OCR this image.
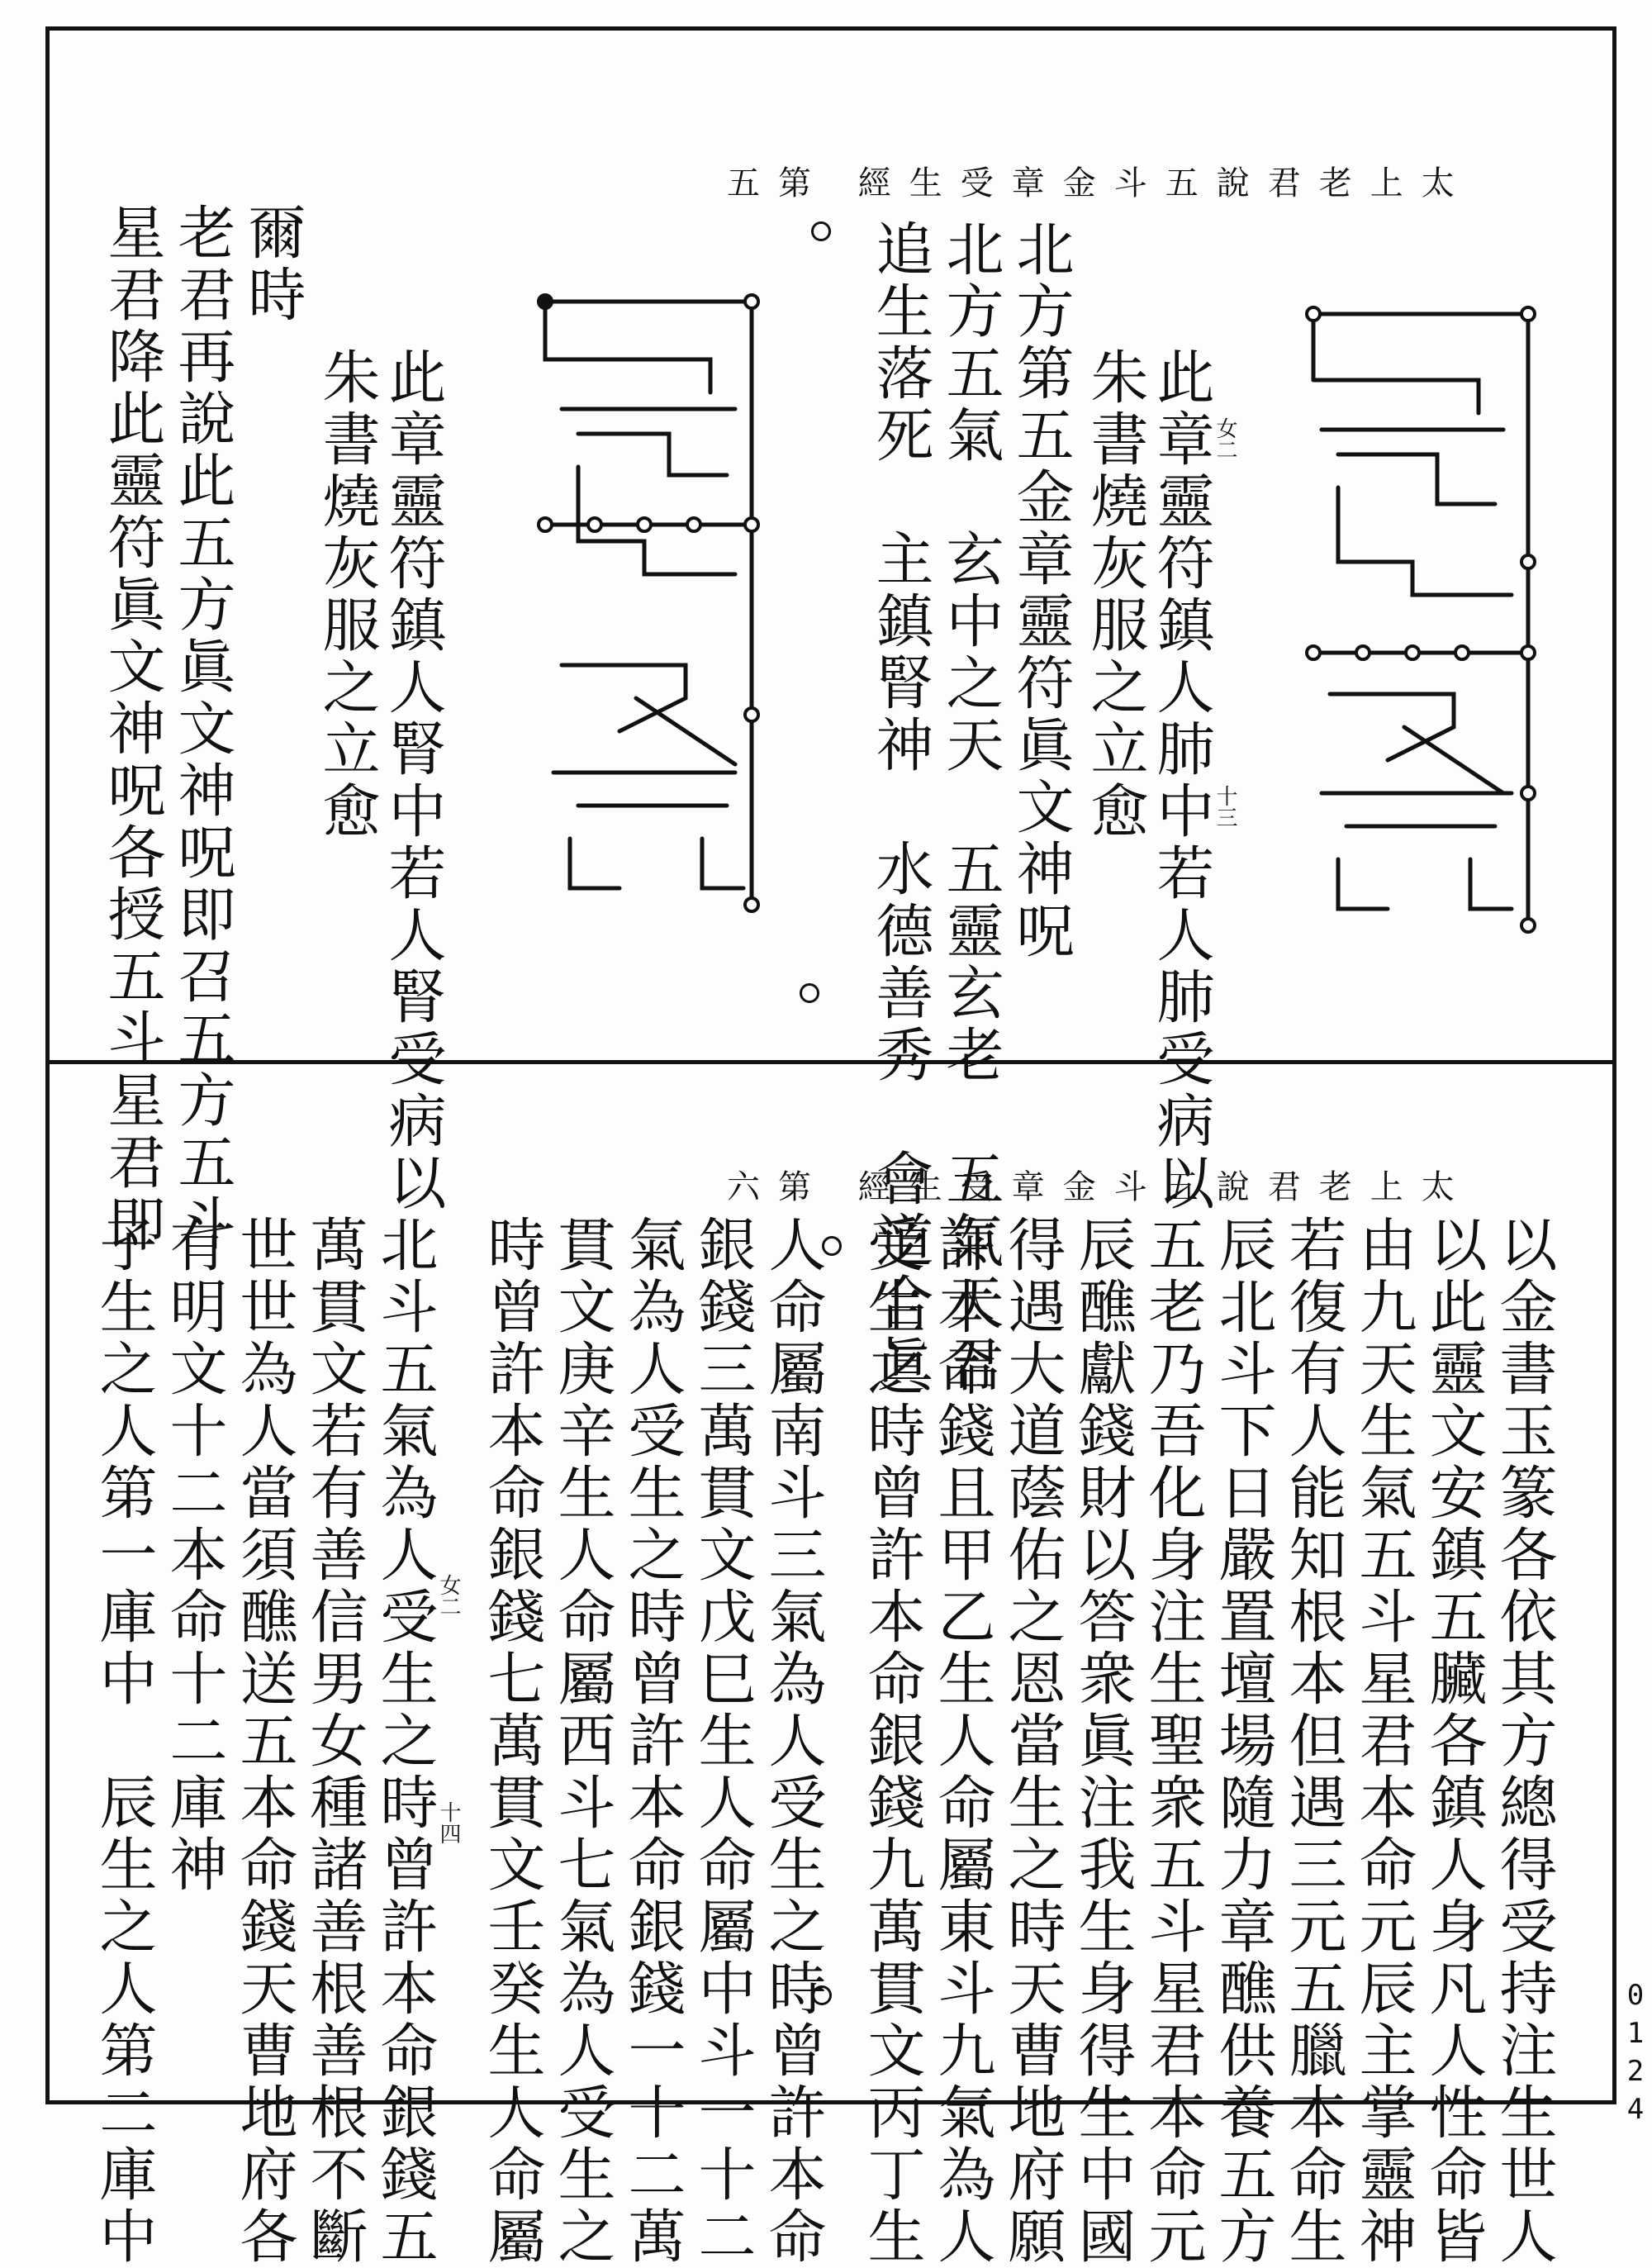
太上老君說五斗金章受生經 第五
此章靈符鎮人肺中若人肺受病以
女二
十三
朱書燒灰服之立愈
北方第五金章靈符眞文神呪
北方五氣　玄中之天　五靈玄老　五氣天君
追生落死　主鎮腎神　水德善秀　會道合眞
此章靈符鎮人腎中若人腎受病以
朱書燒灰服之立愈
爾時
老君再說此五方眞文神呪即召五方五斗
星君降此靈符眞文神呪各授五斗星君即	太上老君說五斗金章受生經 第六
以金書玉篆各依其方總得受持注生世人
以此靈文安鎮五臟各鎮人身凡人性命皆
由九天生氣五斗星君本命元辰主掌靈神
若復有人能知根本但遇三元五臘本命生
辰北斗下日嚴置壇場隨力章醮供養五方
五老乃吾化身注生聖衆五斗星君本命元
辰醮獻錢財以答衆眞注我生身得生中國
得遇大道蔭佑之恩當生之時天曹地府願
許本命錢且甲乙生人命屬東斗九氣為人
受生之時曾許本命銀錢九萬貫文丙丁生
人命屬南斗三氣為人受生之時曾許本命
銀錢三萬貫文戊巳生人命屬中斗一十二
氣為人受生之時曾許本命銀錢一十二萬
貫文庚辛生人命屬西斗七氣為人受生之
時曾許本命銀錢七萬貫文壬癸生人命屬
女二
十四
北斗五氣為人受生之時曾許本命銀錢五
萬貫文若有善信男女種諸善根善根不斷
世世為人當須醮送五本命錢天曹地府各
有明文十二本命十二庫神
子生之人第一庫中　辰生之人第二庫中	0124
